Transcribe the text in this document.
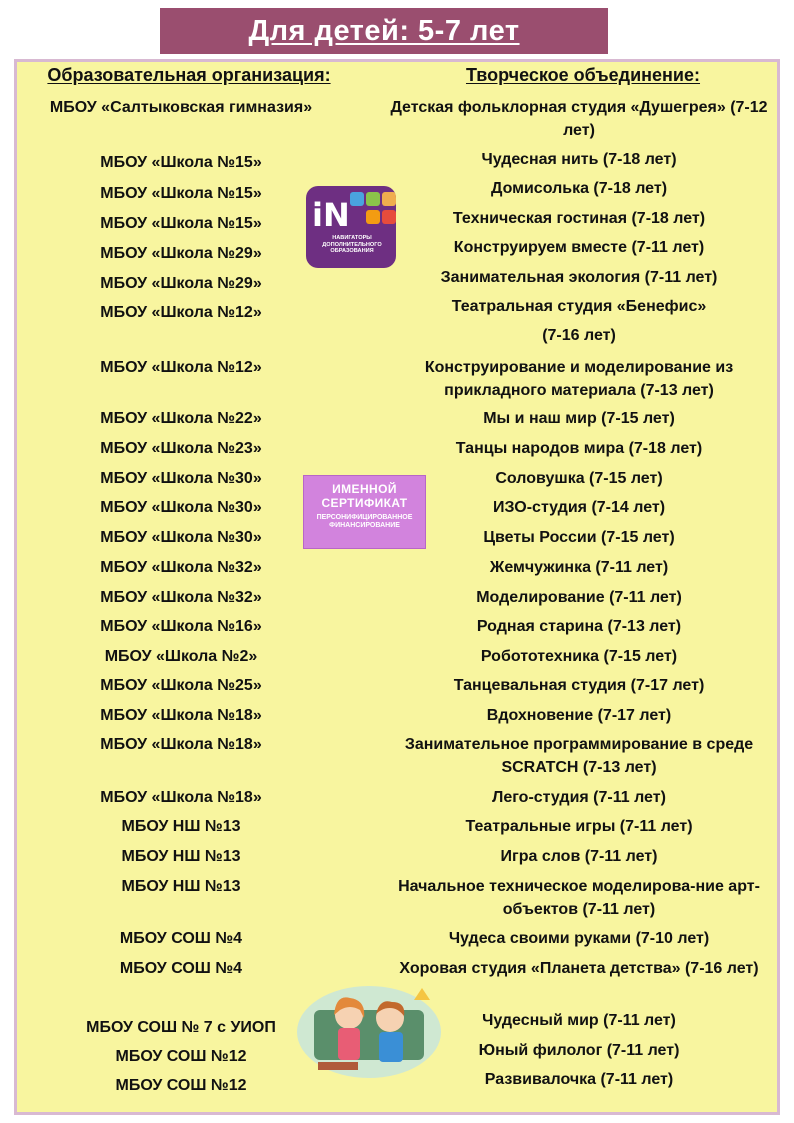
Для детей: 5-7 лет
Образовательная организация:	Творческое объединение:
МБОУ «Салтыковская гимназия»	Детская фольклорная студия «Душегрея» (7-12 лет)
МБОУ «Школа №15»	Чудесная нить (7-18 лет)
МБОУ «Школа №15»	Домисолька (7-18 лет)
МБОУ «Школа №15»	Техническая гостиная (7-18 лет)
МБОУ «Школа №29»	Конструируем вместе (7-11 лет)
МБОУ «Школа №29»	Занимательная экология (7-11 лет)
МБОУ «Школа №12»	Театральная студия «Бенефис»
(7-16 лет)
МБОУ «Школа №12»	Конструирование и моделирование из прикладного материала (7-13 лет)
МБОУ «Школа №22»	Мы и наш мир (7-15 лет)
МБОУ «Школа №23»	Танцы народов мира (7-18 лет)
МБОУ «Школа №30»	Соловушка (7-15 лет)
МБОУ «Школа №30»	ИЗО-студия (7-14 лет)
МБОУ «Школа №30»	Цветы России (7-15 лет)
МБОУ «Школа №32»	Жемчужинка (7-11 лет)
МБОУ «Школа №32»	Моделирование (7-11 лет)
МБОУ «Школа №16»	Родная старина (7-13 лет)
МБОУ «Школа №2»	Робототехника (7-15 лет)
МБОУ «Школа №25»	Танцевальная студия (7-17 лет)
МБОУ «Школа №18»	Вдохновение (7-17 лет)
МБОУ «Школа №18»	Занимательное программирование в среде SCRATCH (7-13 лет)
МБОУ «Школа №18»	Лего-студия (7-11 лет)
МБОУ НШ №13	Театральные игры (7-11 лет)
МБОУ НШ №13	Игра слов (7-11 лет)
МБОУ НШ №13	Начальное техническое моделирова-ние арт-объектов (7-11 лет)
МБОУ СОШ №4	Чудеса своими руками (7-10 лет)
МБОУ СОШ №4	Хоровая студия «Планета детства» (7-16 лет)
МБОУ СОШ № 7 с УИОП	Чудесный мир (7-11 лет)
МБОУ СОШ №12	Юный филолог (7-11 лет)
МБОУ СОШ №12	Развивалочка (7-11 лет)
iN
НАВИГАТОРЫ ДОПОЛНИТЕЛЬНОГО ОБРАЗОВАНИЯ
ИМЕННОЙ СЕРТИФИКАТ
ПЕРСОНИФИЦИРОВАННОЕ ФИНАНСИРОВАНИЕ
